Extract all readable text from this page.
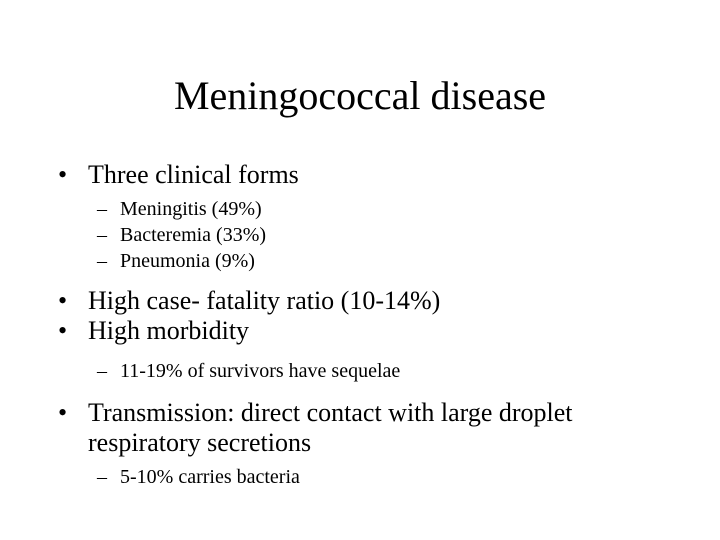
Meningococcal disease
• Three clinical forms
– Meningitis (49%)
– Bacteremia (33%)
– Pneumonia (9%)
• High case- fatality ratio (10-14%)
• High morbidity
– 11-19% of survivors have sequelae
• Transmission: direct contact with large droplet respiratory secretions
– 5-10% carries bacteria
